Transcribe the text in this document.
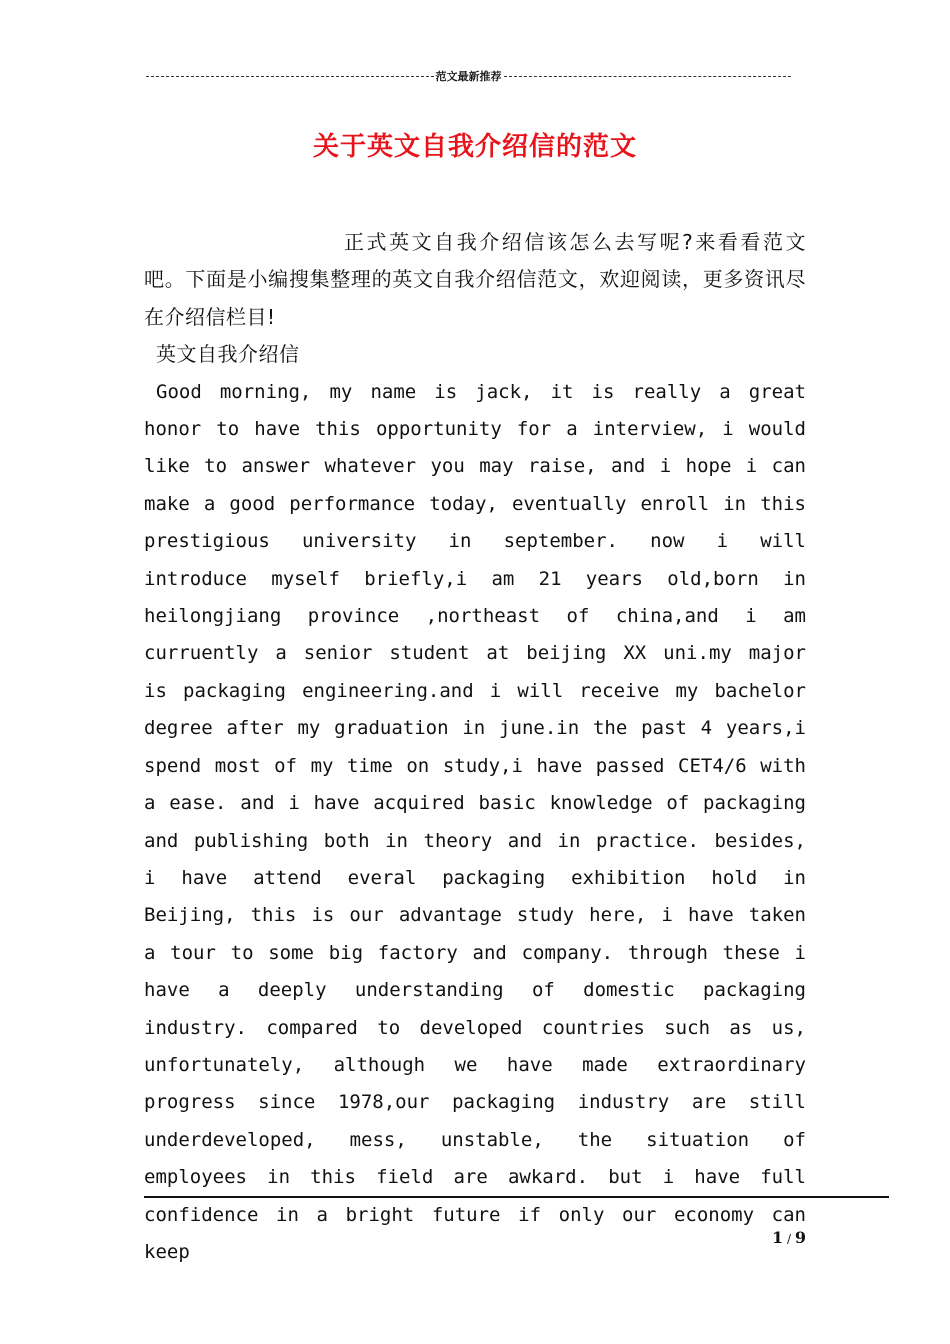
范文最新推荐
关于英文自我介绍信的范文

正式英文自我介绍信该怎么去写呢?来看看范文吧。下面是小编搜集整理的英文自我介绍信范文，欢迎阅读，更多资讯尽在介绍信栏目!

英文自我介绍信

Good morning, my name is jack, it is really a great honor to have this opportunity for a interview, i would like to answer whatever you may raise, and i hope i can make a good performance today, eventually enroll in this prestigious university in september. now i will introduce myself briefly,i am 21 years old,born in heilongjiang province ,northeast of china,and i am curruently a senior student at beijing XX uni.my major is packaging engineering.and i will receive my bachelor degree after my graduation in june.in the past 4 years,i spend most of my time on study,i have passed CET4/6 with a ease. and i have acquired basic knowledge of packaging and publishing both in theory and in practice. besides, i have attend everal packaging exhibition hold in Beijing, this is our advantage study here, i have taken a tour to some big factory and company. through these i have a deeply understanding of domestic packaging industry. compared to developed countries such as us, unfortunately, although we have made extraordinary progress since 1978,our packaging industry are still underdeveloped, mess, unstable, the situation of employees in this field are awkard. but i have full confidence in a bright future if only our economy can keep

1 / 9
